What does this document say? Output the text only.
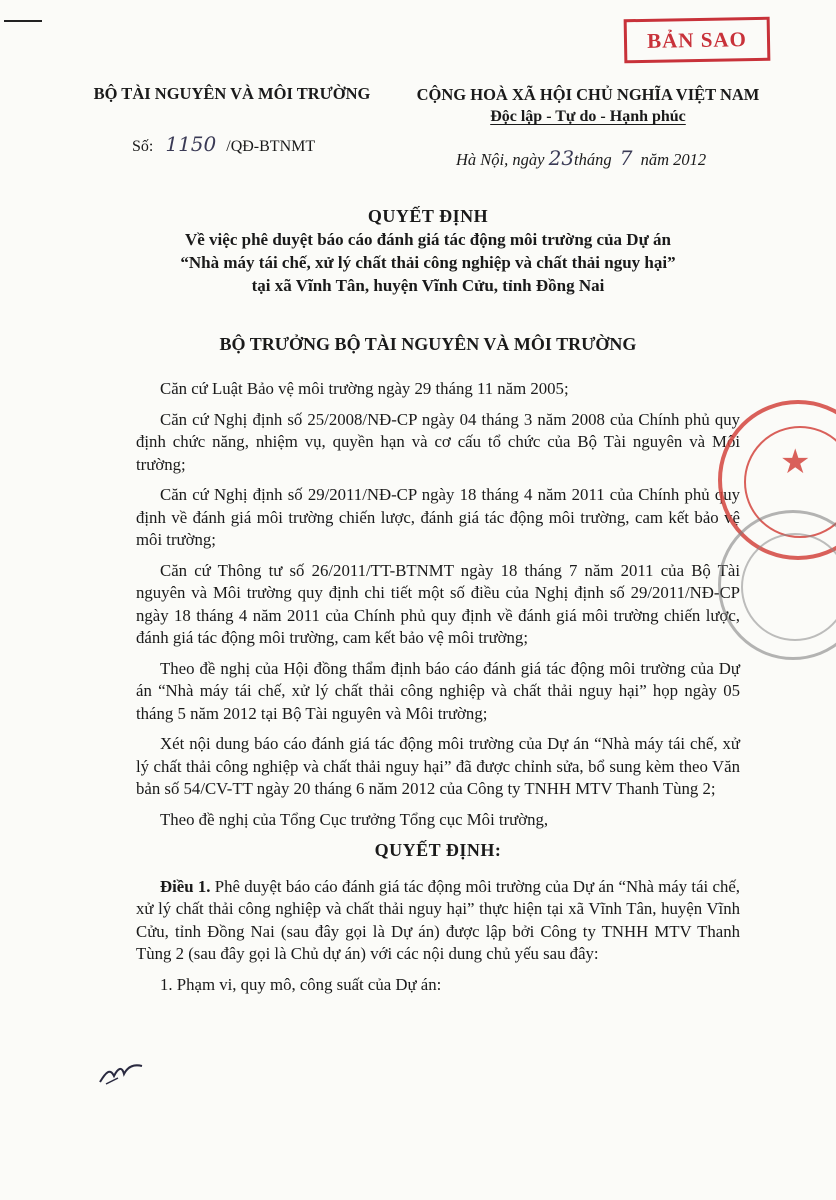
BẢN SAO
BỘ TÀI NGUYÊN VÀ MÔI TRƯỜNG	CỘNG HOÀ XÃ HỘI CHỦ NGHĨA VIỆT NAM
Độc lập - Tự do - Hạnh phúc
Số: 1150 /QĐ-BTNMT
Hà Nội, ngày 23tháng 7 năm 2012
QUYẾT ĐỊNH
Về việc phê duyệt báo cáo đánh giá tác động môi trường của Dự án
“Nhà máy tái chế, xử lý chất thải công nghiệp và chất thải nguy hại”
tại xã Vĩnh Tân, huyện Vĩnh Cửu, tỉnh Đồng Nai
BỘ TRƯỞNG BỘ TÀI NGUYÊN VÀ MÔI TRƯỜNG

Căn cứ Luật Bảo vệ môi trường ngày 29 tháng 11 năm 2005;

Căn cứ Nghị định số 25/2008/NĐ-CP ngày 04 tháng 3 năm 2008 của Chính phủ quy định chức năng, nhiệm vụ, quyền hạn và cơ cấu tổ chức của Bộ Tài nguyên và Môi trường;

Căn cứ Nghị định số 29/2011/NĐ-CP ngày 18 tháng 4 năm 2011 của Chính phủ quy định về đánh giá môi trường chiến lược, đánh giá tác động môi trường, cam kết bảo vệ môi trường;

Căn cứ Thông tư số 26/2011/TT-BTNMT ngày 18 tháng 7 năm 2011 của Bộ Tài nguyên và Môi trường quy định chi tiết một số điều của Nghị định số 29/2011/NĐ-CP ngày 18 tháng 4 năm 2011 của Chính phủ quy định về đánh giá môi trường chiến lược, đánh giá tác động môi trường, cam kết bảo vệ môi trường;

Theo đề nghị của Hội đồng thẩm định báo cáo đánh giá tác động môi trường của Dự án “Nhà máy tái chế, xử lý chất thải công nghiệp và chất thải nguy hại” họp ngày 05 tháng 5 năm 2012 tại Bộ Tài nguyên và Môi trường;

Xét nội dung báo cáo đánh giá tác động môi trường của Dự án “Nhà máy tái chế, xử lý chất thải công nghiệp và chất thải nguy hại” đã được chỉnh sửa, bổ sung kèm theo Văn bản số 54/CV-TT ngày 20 tháng 6 năm 2012 của Công ty TNHH MTV Thanh Tùng 2;

Theo đề nghị của Tổng Cục trưởng Tổng cục Môi trường,

QUYẾT ĐỊNH:

Điều 1. Phê duyệt báo cáo đánh giá tác động môi trường của Dự án “Nhà máy tái chế, xử lý chất thải công nghiệp và chất thải nguy hại” thực hiện tại xã Vĩnh Tân, huyện Vĩnh Cửu, tỉnh Đồng Nai (sau đây gọi là Dự án) được lập bởi Công ty TNHH MTV Thanh Tùng 2 (sau đây gọi là Chủ dự án) với các nội dung chủ yếu sau đây:

1. Phạm vi, quy mô, công suất của Dự án:

★
